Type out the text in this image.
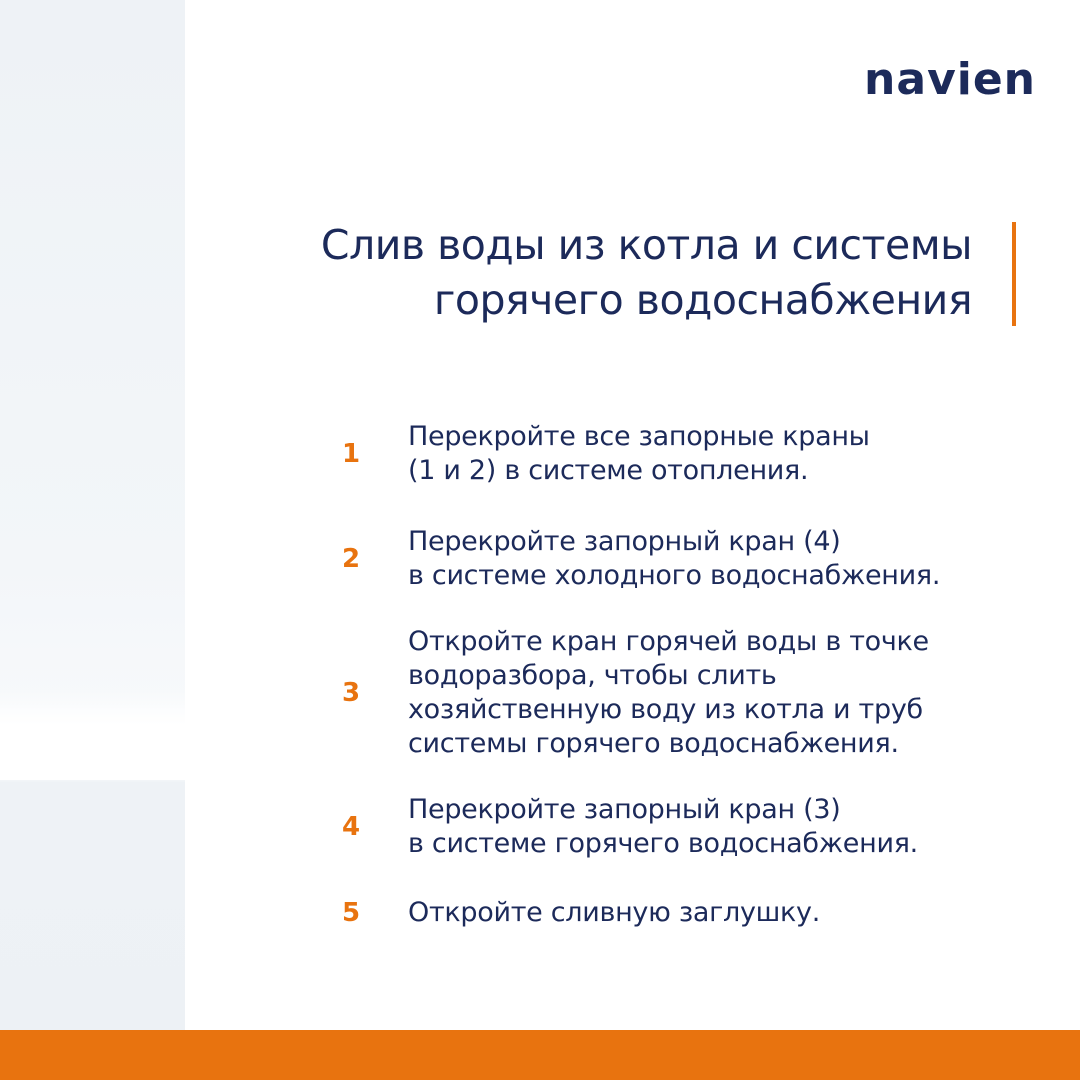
navien
Слив воды из котла и системы
горячего водоснабжения
1
Перекройте все запорные краны
(1 и 2) в системе отопления.
2
Перекройте запорный кран (4)
в системе холодного водоснабжения.
3
Откройте кран горячей воды в точке
водоразбора, чтобы слить
хозяйственную воду из котла и труб
системы горячего водоснабжения.
4
Перекройте запорный кран (3)
в системе горячего водоснабжения.
5	Откройте сливную заглушку.
